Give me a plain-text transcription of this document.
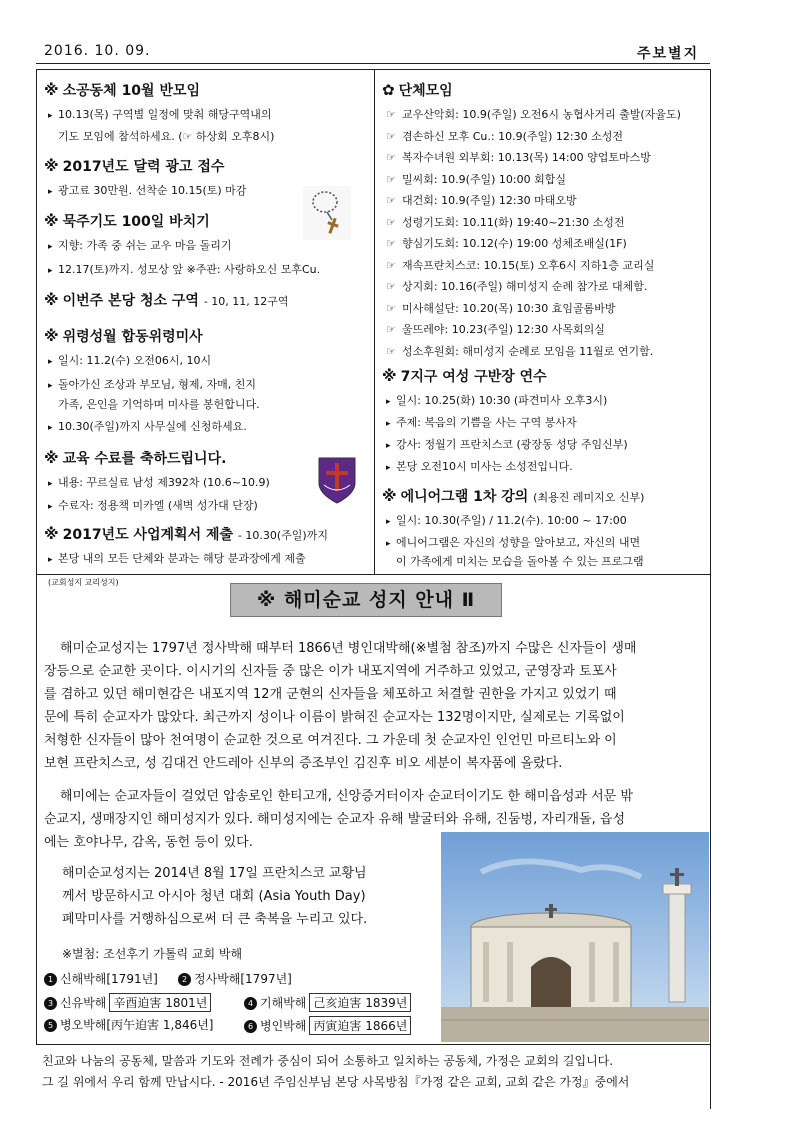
2016. 10. 09.	주보별지
※ 소공동체 10월 반모임
▸ 10.13(목) 구역별 일정에 맞춰 해당구역내의
기도 모임에 참석하세요. (☞ 하상회 오후8시)
※ 2017년도 달력 광고 접수
▸ 광고료 30만원. 선착순 10.15(토) 마감
※ 묵주기도 100일 바치기
▸ 지향: 가족 중 쉬는 교우 마음 돌리기
▸ 12.17(토)까지. 성모상 앞 ※주관: 사랑하오신 모후Cu.
※ 이번주 본당 청소 구역 - 10, 11, 12구역
※ 위령성월 합동위령미사
▸ 일시: 11.2(수) 오전06시, 10시
▸ 돌아가신 조상과 부모님, 형제, 자매, 친지
가족, 은인을 기억하며 미사를 봉헌합니다.
▸ 10.30(주일)까지 사무실에 신청하세요.
※ 교육 수료를 축하드립니다.
▸ 내용: 꾸르실료 남성 제392차 (10.6~10.9)
▸ 수료자: 정용책 미카엘 (새벽 성가대 단장)
※ 2017년도 사업계획서 제출 - 10.30(주일)까지
▸ 본당 내의 모든 단체와 분과는 해당 분과장에게 제출
✿ 단체모임
☞ 교우산악회: 10.9(주일) 오전6시 농협사거리 출발(자율도)
☞ 겸손하신 모후 Cu.: 10.9(주일) 12:30 소성전
☞ 복자수녀원 외부회: 10.13(목) 14:00 양업토마스방
☞ 밀씨회: 10.9(주일) 10:00 회합실
☞ 대건회: 10.9(주일) 12:30 마태오방
☞ 성령기도회: 10.11(화) 19:40~21:30 소성전
☞ 향심기도회: 10.12(수) 19:00 성체조배실(1F)
☞ 재속프란치스코: 10.15(토) 오후6시 지하1층 교리실
☞ 상지회: 10.16(주일) 해미성지 순례 참가로 대체함.
☞ 미사해설단: 10.20(목) 10:30 효임골롬바방
☞ 울뜨레야: 10.23(주일) 12:30 사목회의실
☞ 성소후원회: 해미성지 순례로 모임을 11월로 연기함.
※ 7지구 여성 구반장 연수
▸ 일시: 10.25(화) 10:30 (파견미사 오후3시)
▸ 주제: 복음의 기쁨을 사는 구역 봉사자
▸ 강사: 정월기 프란치스코 (광장동 성당 주임신부)
▸ 본당 오전10시 미사는 소성전입니다.
※ 에니어그램 1차 강의 (최용진 레미지오 신부)
▸ 일시: 10.30(주일) / 11.2(수). 10:00 ~ 17:00
▸ 에니어그램은 자신의 성향을 알아보고, 자신의 내면
이 가족에게 미치는 모습을 돌아볼 수 있는 프로그램
(교회성지 교리성지)
※ 해미순교 성지 안내 Ⅱ
해미순교성지는 1797년 정사박해 때부터 1866년 병인대박해(※별첨 참조)까지 수많은 신자들이 생매
장등으로 순교한 곳이다. 이시기의 신자들 중 많은 이가 내포지역에 거주하고 있었고, 군영장과 토포사
를 겸하고 있던 해미현감은 내포지역 12개 군현의 신자들을 체포하고 처결할 권한을 가지고 있었기 때
문에 특히 순교자가 많았다. 최근까지 성이나 이름이 밝혀진 순교자는 132명이지만, 실제로는 기록없이
처형한 신자들이 많아 천여명이 순교한 것으로 여겨진다. 그 가운데 첫 순교자인 인언민 마르티노와 이
보현 프란치스코, 성 김대건 안드레아 신부의 증조부인 김진후 비오 세분이 복자품에 올랐다.
해미에는 순교자들이 걸었던 압송로인 한티고개, 신앙증거터이자 순교터이기도 한 해미읍성과 서문 밖
순교지, 생매장지인 해미성지가 있다. 해미성지에는 순교자 유해 발굴터와 유해, 진둠벙, 자리개돌, 읍성
에는 호야나무, 감옥, 동헌 등이 있다.
해미순교성지는 2014년 8월 17일 프란치스코 교황님
께서 방문하시고 아시아 청년 대회 (Asia Youth Day)
폐막미사를 거행하심으로써 더 큰 축복을 누리고 있다.
※별첨: 조선후기 가톨릭 교회 박해
1 신해박해[1791년]	2 정사박해[1797년]
3 신유박해 辛酉迫害 1801년	4 기해박해 己亥迫害 1839년
5 병오박해[丙午迫害 1,846년]	6 병인박해 丙寅迫害 1866년
친교와 나눔의 공동체, 말씀과 기도와 전례가 중심이 되어 소통하고 일치하는 공동체, 가정은 교회의 길입니다.
그 길 위에서 우리 함께 만납시다. - 2016년 주임신부님 본당 사목방침『가정 같은 교회, 교회 같은 가정』중에서
